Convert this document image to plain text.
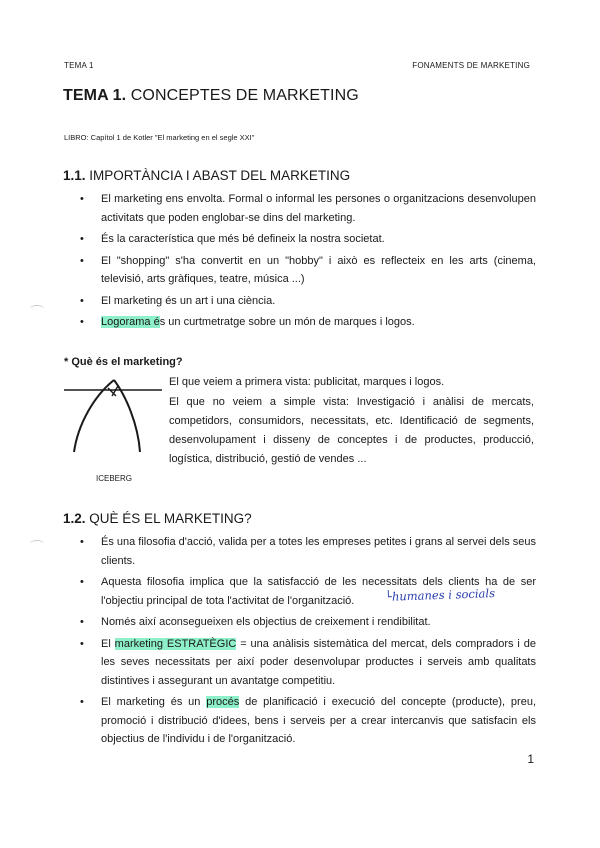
TEMA 1	FONAMENTS DE MARKETING
TEMA 1. CONCEPTES DE MARKETING
LIBRO: Capítol 1 de Kotler "El marketing en el segle XXI"
1.1. IMPORTÀNCIA I ABAST DEL MARKETING
• El marketing ens envolta. Formal o informal les persones o organitzacions desenvolupen activitats que poden englobar-se dins del marketing.
• És la característica que més bé defineix la nostra societat.
• El "shopping" s'ha convertit en un "hobby" i això es reflecteix en les arts (cinema, televisió, arts gràfiques, teatre, música ...)
• El marketing és un art i una ciència.
• Logorama és un curtmetratge sobre un món de marques i logos.
* Què és el marketing?
ICEBERG

El que veiem a primera vista: publicitat, marques i logos.

El que no veiem a simple vista: Investigació i anàlisi de mercats, competidors, consumidors, necessitats, etc. Identificació de segments, desenvolupament i disseny de conceptes i de productes, producció, logística, distribució, gestió de vendes ...

1.2. QUÈ ÉS EL MARKETING?
• És una filosofia d'acció, valida per a totes les empreses petites i grans al servei dels seus clients.
• Aquesta filosofia implica que la satisfacció de les necessitats dels clients ha de ser l'objectiu principal de tota l'activitat de l'organització.
• Només així aconsegueixen els objectius de creixement i rendibilitat.
• El marketing ESTRATÈGIC = una anàlisis sistemàtica del mercat, dels compradors i de les seves necessitats per així poder desenvolupar productes i serveis amb qualitats distintives i assegurant un avantatge competitiu.
• El marketing és un procés de planificació i execució del concepte (producte), preu, promoció i distribució d'idees, bens i serveis per a crear intercanvis que satisfacin els objectius de l'individu i de l'organització.
└humanes i socials
1
